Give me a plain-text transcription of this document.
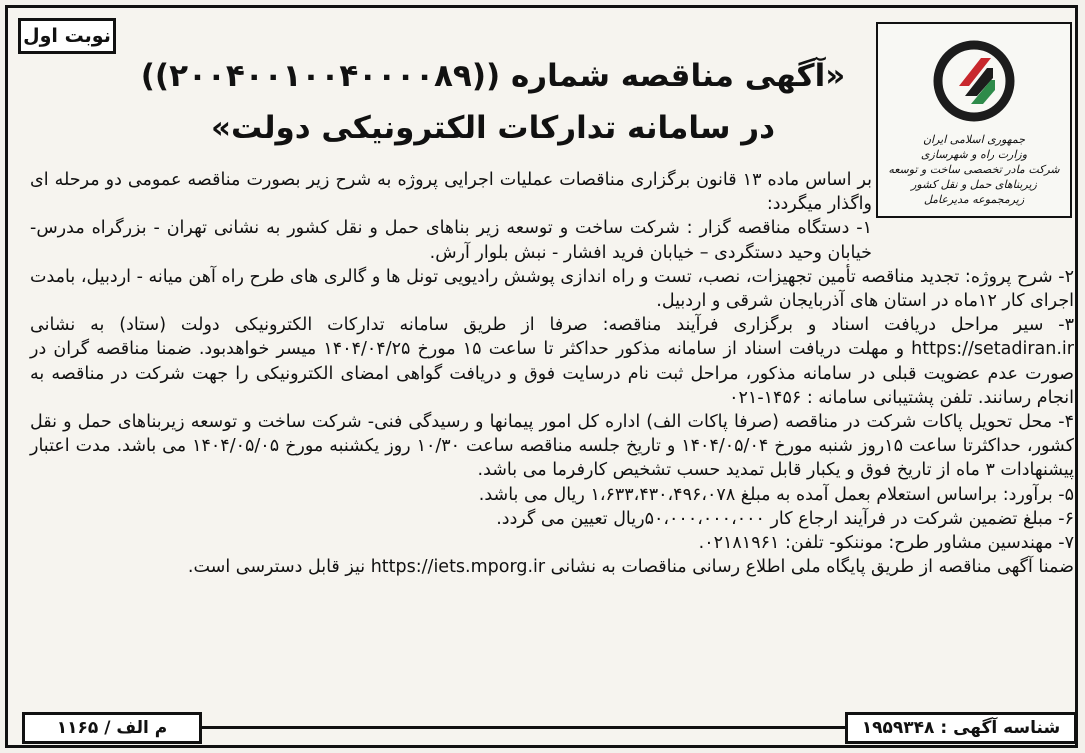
نوبت اول
جمهوری اسلامی ایران
وزارت راه و شهرسازی
شرکت مادر تخصصی ساخت و توسعه زیربناهای حمل و نقل کشور
زیرمجموعه مدیرعامل
«آگهی مناقصه شماره ((۲۰۰۴۰۰۱۰۰۴۰۰۰۰۸۹))
در سامانه تدارکات الکترونیکی دولت»

بر اساس ماده ۱۳ قانون برگزاری مناقصات عملیات اجرایی پروژه به شرح زیر بصورت مناقصه عمومی دو مرحله ای واگذار میگردد:

۱- دستگاه مناقصه گزار : شرکت ساخت و توسعه زیر بناهای حمل و نقل کشور به نشانی تهران - بزرگراه مدرس- خیابان وحید دستگردی – خیابان فرید افشار - نبش بلوار آرش.

۲- شرح پروژه: تجدید مناقصه تأمین تجهیزات، نصب، تست و راه اندازی پوشش رادیویی تونل ها و گالری های طرح راه آهن میانه - اردبیل، بامدت اجرای کار ۱۲ماه در استان های آذربایجان شرقی و اردبیل.

۳- سیر مراحل دریافت اسناد و برگزاری فرآیند مناقصه: صرفا از طریق سامانه تدارکات الکترونیکی دولت (ستاد) به نشانی https://setadiran.ir و مهلت دریافت اسناد از سامانه مذکور حداکثر تا ساعت ۱۵ مورخ ۱۴۰۴/۰۴/۲۵ میسر خواهدبود. ضمنا مناقصه گران در صورت عدم عضویت قبلی در سامانه مذکور، مراحل ثبت نام درسایت فوق و دریافت گواهی امضای الکترونیکی را جهت شرکت در مناقصه به انجام رسانند. تلفن پشتیبانی سامانه : ۱۴۵۶-۰۲۱

۴- محل تحویل پاکات شرکت در مناقصه (صرفا پاکات الف) اداره کل امور پیمانها و رسیدگی فنی- شرکت ساخت و توسعه زیربناهای حمل و نقل کشور، حداکثرتا ساعت ۱۵روز شنبه مورخ ۱۴۰۴/۰۵/۰۴ و تاریخ جلسه مناقصه ساعت ۱۰/۳۰ روز یکشنبه مورخ ۱۴۰۴/۰۵/۰۵ می باشد. مدت اعتبار پیشنهادات ۳ ماه از تاریخ فوق و یکبار قابل تمدید حسب تشخیص کارفرما می باشد.

۵- برآورد: براساس استعلام بعمل آمده به مبلغ ۱،۶۳۳،۴۳۰،۴۹۶،۰۷۸ ریال می باشد.

۶- مبلغ تضمین شرکت در فرآیند ارجاع کار ۵۰،۰۰۰،۰۰۰،۰۰۰ریال تعیین می گردد.

۷- مهندسین مشاور طرح: موننکو- تلفن: ۰۲۱۸۱۹۶۱.

ضمنا آگهی مناقصه از طریق پایگاه ملی اطلاع رسانی مناقصات به نشانی https://iets.mporg.ir نیز قابل دسترسی است.

م الف / ۱۱۶۵	شناسه آگهی : ۱۹۵۹۳۴۸
